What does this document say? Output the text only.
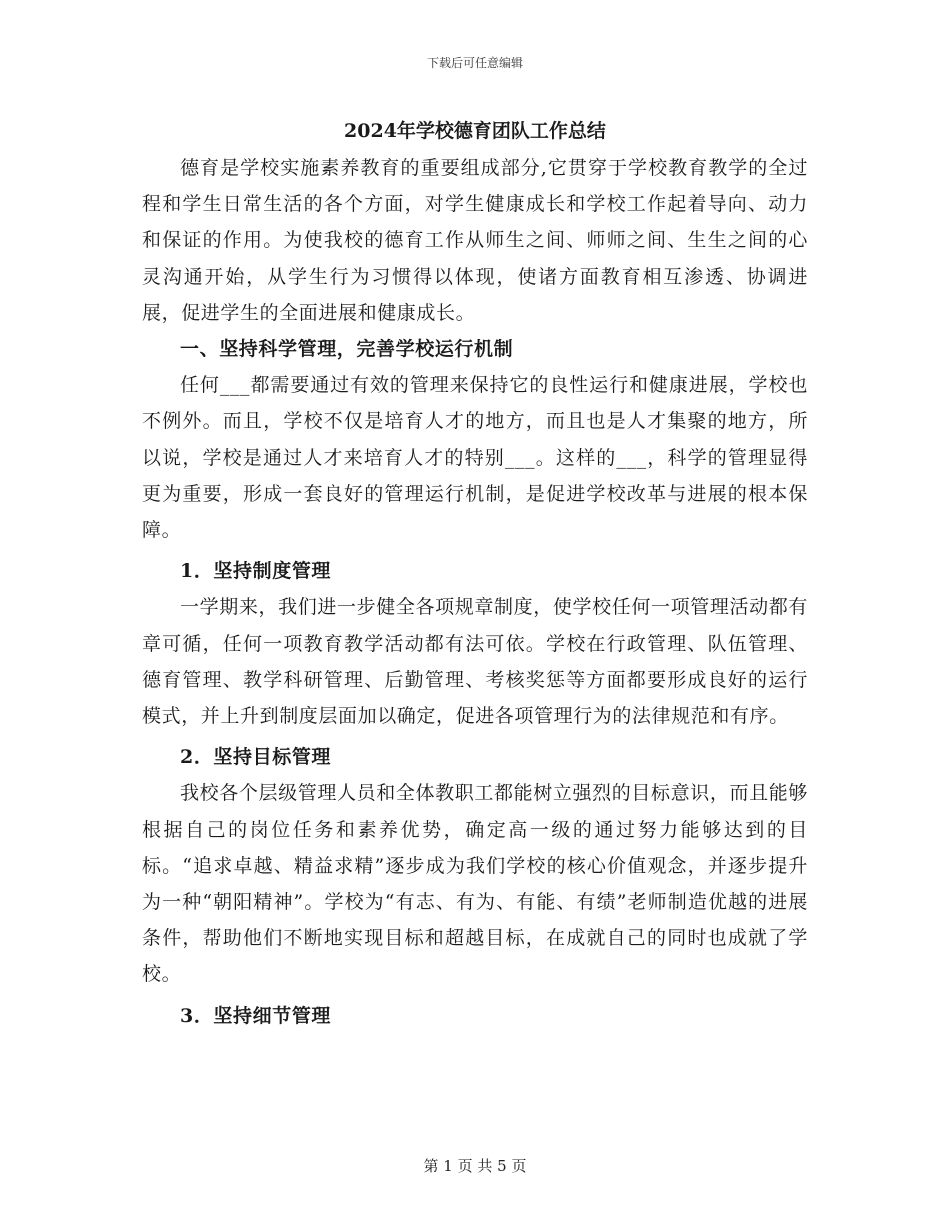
下载后可任意编辑
2024年学校德育团队工作总结

德育是学校实施素养教育的重要组成部分,它贯穿于学校教育教学的全过程和学生日常生活的各个方面，对学生健康成长和学校工作起着导向、动力和保证的作用。为使我校的德育工作从师生之间、师师之间、生生之间的心灵沟通开始，从学生行为习惯得以体现，使诸方面教育相互渗透、协调进展，促进学生的全面进展和健康成长。

一、坚持科学管理，完善学校运行机制

任何___都需要通过有效的管理来保持它的良性运行和健康进展，学校也不例外。而且，学校不仅是培育人才的地方，而且也是人才集聚的地方，所以说，学校是通过人才来培育人才的特别___。这样的___，科学的管理显得更为重要，形成一套良好的管理运行机制，是促进学校改革与进展的根本保障。

1．坚持制度管理

一学期来，我们进一步健全各项规章制度，使学校任何一项管理活动都有章可循，任何一项教育教学活动都有法可依。学校在行政管理、队伍管理、德育管理、教学科研管理、后勤管理、考核奖惩等方面都要形成良好的运行模式，并上升到制度层面加以确定，促进各项管理行为的法律规范和有序。

2．坚持目标管理

我校各个层级管理人员和全体教职工都能树立强烈的目标意识，而且能够根据自己的岗位任务和素养优势，确定高一级的通过努力能够达到的目标。“追求卓越、精益求精”逐步成为我们学校的核心价值观念，并逐步提升为一种“朝阳精神”。学校为“有志、有为、有能、有绩”老师制造优越的进展条件，帮助他们不断地实现目标和超越目标，在成就自己的同时也成就了学校。

3．坚持细节管理

第 1 页 共 5 页
